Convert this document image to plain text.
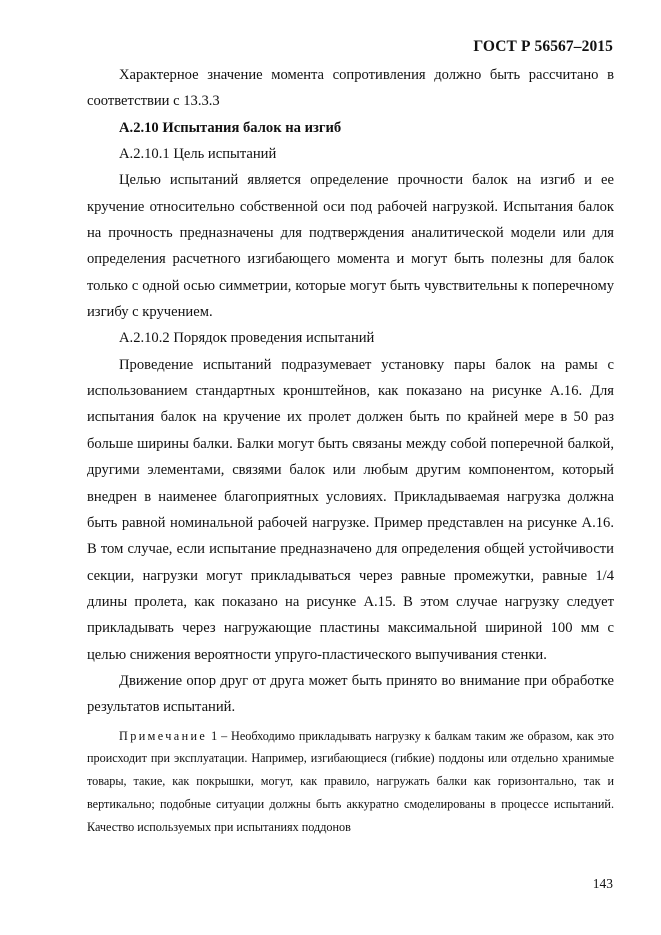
ГОСТ Р 56567–2015

Характерное значение момента сопротивления должно быть рассчитано в соответствии с 13.3.3

А.2.10 Испытания балок на изгиб

А.2.10.1 Цель испытаний

Целью испытаний является определение прочности балок на изгиб и ее кручение относительно собственной оси под рабочей нагрузкой. Испытания балок на прочность предназначены для подтверждения аналитической модели или для определения расчетного изгибающего момента и могут быть полезны для балок только с одной осью симметрии, которые могут быть чувствительны к поперечному изгибу с кручением.

А.2.10.2 Порядок проведения испытаний

Проведение испытаний подразумевает установку пары балок на рамы с использованием стандартных кронштейнов, как показано на рисунке А.16. Для испытания балок на кручение их пролет должен быть по крайней мере в 50 раз больше ширины балки. Балки могут быть связаны между собой поперечной балкой, другими элементами, связями балок или любым другим компонентом, который внедрен в наименее благоприятных условиях. Прикладываемая нагрузка должна быть равной номинальной рабочей нагрузке. Пример представлен на рисунке А.16. В том случае, если испытание предназначено для определения общей устойчивости секции, нагрузки могут прикладываться через равные промежутки, равные 1/4 длины пролета, как показано на рисунке А.15. В этом случае нагрузку следует прикладывать через нагружающие пластины максимальной шириной 100 мм с целью снижения вероятности упруго-пластического выпучивания стенки.

Движение опор друг от друга может быть принято во внимание при обработке результатов испытаний.

Примечание 1 – Необходимо прикладывать нагрузку к балкам таким же образом, как это происходит при эксплуатации. Например, изгибающиеся (гибкие) поддоны или отдельно хранимые товары, такие, как покрышки, могут, как правило, нагружать балки как горизонтально, так и вертикально; подобные ситуации должны быть аккуратно смоделированы в процессе испытаний. Качество используемых при испытаниях поддонов
143
